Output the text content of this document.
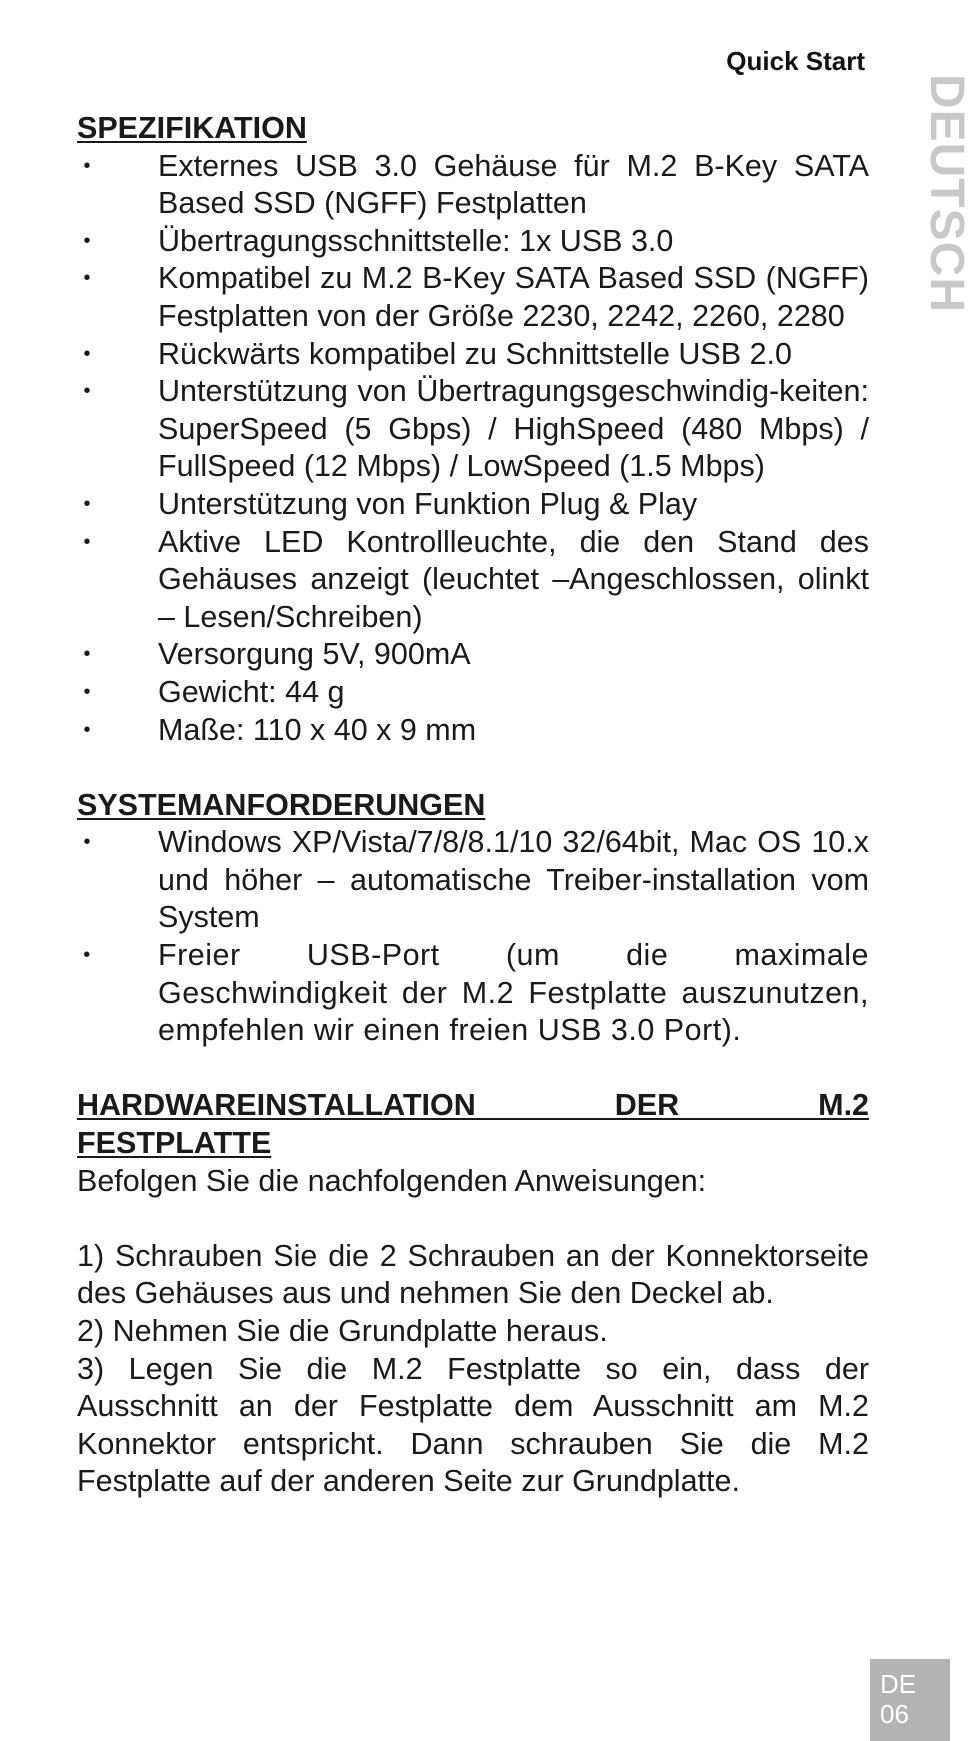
Quick Start
DEUTSCH
SPEZIFIKATION
• Externes USB 3.0 Gehäuse für M.2 B-Key SATA Based SSD (NGFF) Festplatten
• Übertragungsschnittstelle: 1x USB 3.0
• Kompatibel zu M.2 B-Key SATA Based SSD (NGFF) Festplatten von der Größe 2230, 2242, 2260, 2280
• Rückwärts kompatibel zu Schnittstelle USB 2.0
• Unterstützung von Übertragungsgeschwindig-keiten: SuperSpeed (5 Gbps) / HighSpeed (480 Mbps) / FullSpeed (12 Mbps) / LowSpeed (1.5 Mbps)
• Unterstützung von Funktion Plug & Play
• Aktive LED Kontrollleuchte, die den Stand des Gehäuses anzeigt (leuchtet –Angeschlossen, olinkt – Lesen/Schreiben)
• Versorgung 5V, 900mA
• Gewicht: 44 g
• Maße: 110 x 40 x 9 mm
SYSTEMANFORDERUNGEN
• Windows XP/Vista/7/8/8.1/10 32/64bit, Mac OS 10.x und höher – automatische Treiber-installation vom System
• Freier USB-Port (um die maximale Geschwindigkeit der M.2 Festplatte auszunutzen, empfehlen wir einen freien USB 3.0 Port).
HARDWAREINSTALLATION DER M.2
FESTPLATTE

Befolgen Sie die nachfolgenden Anweisungen:

1) Schrauben Sie die 2 Schrauben an der Konnektorseite des Gehäuses aus und nehmen Sie den Deckel ab.

2) Nehmen Sie die Grundplatte heraus.

3) Legen Sie die M.2 Festplatte so ein, dass der Ausschnitt an der Festplatte dem Ausschnitt am M.2 Konnektor entspricht. Dann schrauben Sie die M.2 Festplatte auf der anderen Seite zur Grundplatte.

DE
06
